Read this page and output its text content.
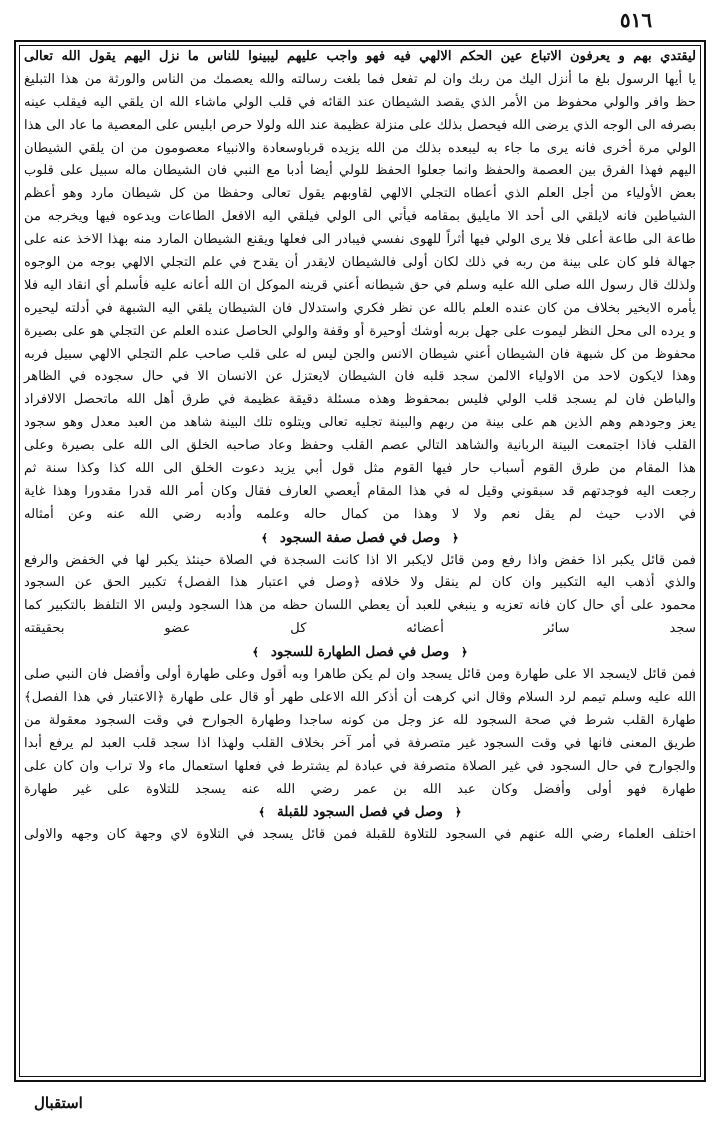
٥١٦
ليقتدي بهم و يعرفون الاتباع عين الحكم الالهي فيه فهو واجب عليهم ليبينوا للناس ما نزل اليهم يقول الله تعالى
يا أيها الرسول بلغ ما أنزل اليك من ربك وان لم تفعل فما بلغت رسالته والله يعصمك من الناس والورثة من هذا التبليغ
حظ وافر والولي محفوظ من الأمر الذي يقصد الشيطان عند القائه في قلب الولي ماشاء الله ان يلقي اليه فيقلب عينه
بصرفه الى الوجه الذي يرضى الله فيحصل بذلك على منزلة عظيمة عند الله ولولا حرص ابليس على المعصية ما عاد الى هذا
الولي مرة أخرى فانه يرى ما جاء به ليبعده بذلك من الله يزيده قرباوسعادة والانبياء معصومون من ان يلقي الشيطان
اليهم فهذا الفرق بين العصمة والحفظ وانما جعلوا الحفظ للولي أيضا أدبا مع النبي فان الشيطان ماله سبيل على قلوب
بعض الأولياء من أجل العلم الذي أعطاه التجلي الالهي لقاوبهم يقول تعالى وحفظا من كل شيطان مارد وهو أعظم
الشياطين فانه لايلقي الى أحد الا مايليق بمقامه فيأتي الى الولي فيلقي اليه الافعل الطاعات ويدعوه فيها ويخرجه من
طاعة الى طاعة أعلى فلا يرى الولي فيها أثراً للهوى نفسي فيبادر الى فعلها ويقنع الشيطان المارد منه بهذا الاخذ عنه على
جهالة فلو كان على بينة من ربه في ذلك لكان أولى فالشيطان لايقدر أن يقدح في علم التجلي الالهي بوجه من الوجوه
ولذلك قال رسول الله صلى الله عليه وسلم في حق شيطانه أعني قرينه الموكل ان الله أعانه عليه فأسلم أي انقاد اليه فلا
يأمره الابخير بخلاف من كان عنده العلم بالله عن نظر فكري واستدلال فان الشيطان يلقي اليه الشبهة في أدلته ليحيره
و يرده الى محل النظر ليموت على جهل بربه أوشك أوحيرة أو وقفة والولي الحاصل عنده العلم عن التجلي هو على بصيرة
محفوظ من كل شبهة فان الشيطان أعني شيطان الانس والجن ليس له على قلب صاحب علم التجلي الالهي سبيل فربه
وهذا لايكون لاحد من الاولياء الالمن سجد قلبه فان الشيطان لايعتزل عن الانسان الا في حال سجوده في الظاهر
والباطن فان لم يسجد قلب الولي فليس بمحفوظ وهذه مسئلة دقيقة عظيمة في طرق أهل الله ماتحصل الالافراد
يعز وجودهم وهم الذين هم على بينة من ربهم والبينة تجليه تعالى ويتلوه تلك البينة شاهد من العبد معدل وهو سجود
القلب فاذا اجتمعت البينة الربانية والشاهد التالي عصم القلب وحفظ وعاد صاحبه الخلق الى الله على بصيرة وعلى
هذا المقام من طرق القوم أسباب حار فيها القوم مثل قول أبي يزيد دعوت الخلق الى الله كذا وكذا سنة ثم
رجعت اليه فوجدتهم قد سبقوني وقيل له في هذا المقام أيعصي العارف فقال وكان أمر الله قدرا مقدورا وهذا غاية
في الادب حيث لم يقل نعم ولا لا وهذا من كمال حاله وعلمه وأدبه رضي الله عنه وعن أمثاله
﴿وصل في فصل صفة السجود﴾
فمن قائل يكبر اذا خفض واذا رفع ومن قائل لايكبر الا اذا كانت السجدة في الصلاة حينئذ يكبر لها في الخفض والرفع
والذي أذهب اليه التكبير وان كان لم ينقل ولا خلافه ﴿وصل في اعتبار هذا الفصل﴾ تكبير الحق عن السجود
محمود على أي حال كان فانه تعزيه و ينبغي للعبد أن يعطي اللسان حظه من هذا السجود وليس الا التلفظ بالتكبير كما
سجد سائر أعضائه كل عضو بحقيقته
﴿وصل في فصل الطهارة للسجود﴾
فمن قائل لايسجد الا على طهارة ومن قائل يسجد وان لم يكن طاهرا وبه أقول وعلى طهارة أولى وأفضل فان النبي صلى
الله عليه وسلم تيمم لرد السلام وقال اني كرهت أن أذكر الله الاعلى طهر أو قال على طهارة ﴿الاعتبار في هذا الفصل﴾
طهارة القلب شرط في صحة السجود لله عز وجل من كونه ساجدا وطهارة الجوارح في وقت السجود معقولة من
طريق المعنى فانها في وقت السجود غير متصرفة في أمر آخر بخلاف القلب ولهذا اذا سجد قلب العبد لم يرفع أبدا
والجوارح في حال السجود في غير الصلاة متصرفة في عبادة لم يشترط في فعلها استعمال ماء ولا تراب وان كان على
طهارة فهو أولى وأفضل وكان عبد الله بن عمر رضي الله عنه يسجد للتلاوة على غير طهارة
﴿وصل في فصل السجود للقبلة﴾
اختلف العلماء رضي الله عنهم في السجود للتلاوة للقبلة فمن قائل يسجد في التلاوة لاي وجهة كان وجهه والاولى
استقبال
